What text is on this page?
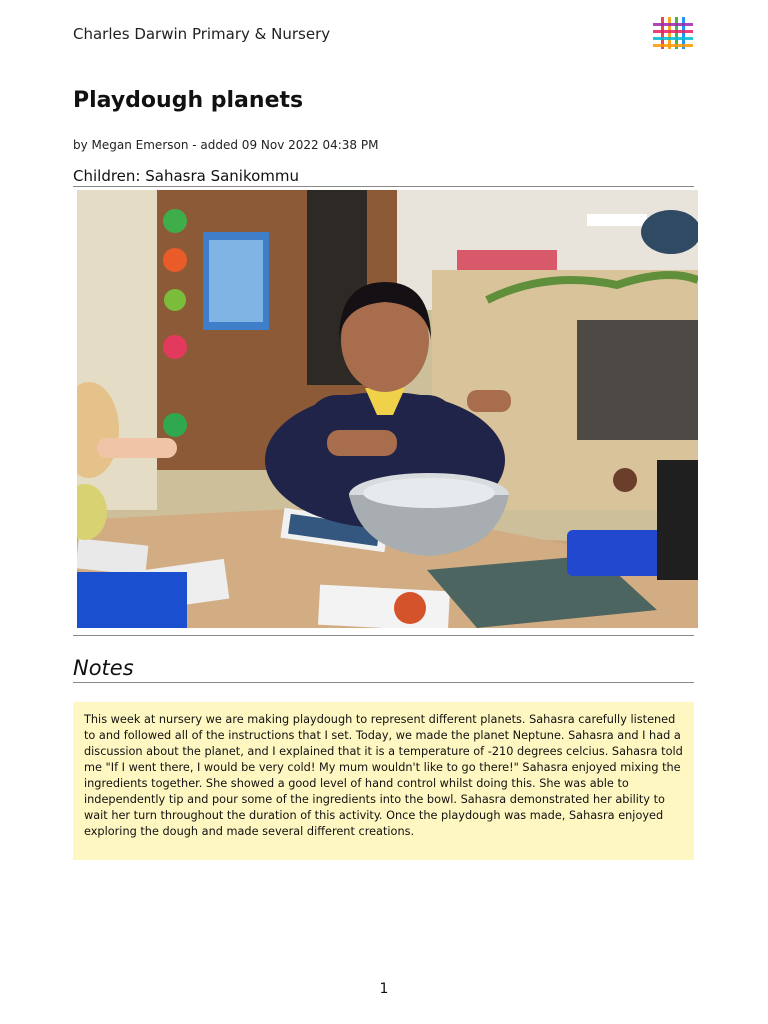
Charles Darwin Primary & Nursery
Playdough planets
by Megan Emerson - added 09 Nov 2022 04:38 PM
Children: Sahasra Sanikommu
Notes
This week at nursery we are making playdough to represent different planets. Sahasra carefully listened to and followed all of the instructions that I set. Today, we made the planet Neptune. Sahasra and I had a discussion about the planet, and I explained that it is a temperature of -210 degrees celcius. Sahasra told me "If I went there, I would be very cold! My mum wouldn't like to go there!" Sahasra enjoyed mixing the ingredients together. She showed a good level of hand control whilst doing this. She was able to independently tip and pour some of the ingredients into the bowl. Sahasra demonstrated her ability to wait her turn throughout the duration of this activity. Once the playdough was made, Sahasra enjoyed exploring the dough and made several different creations.
1
